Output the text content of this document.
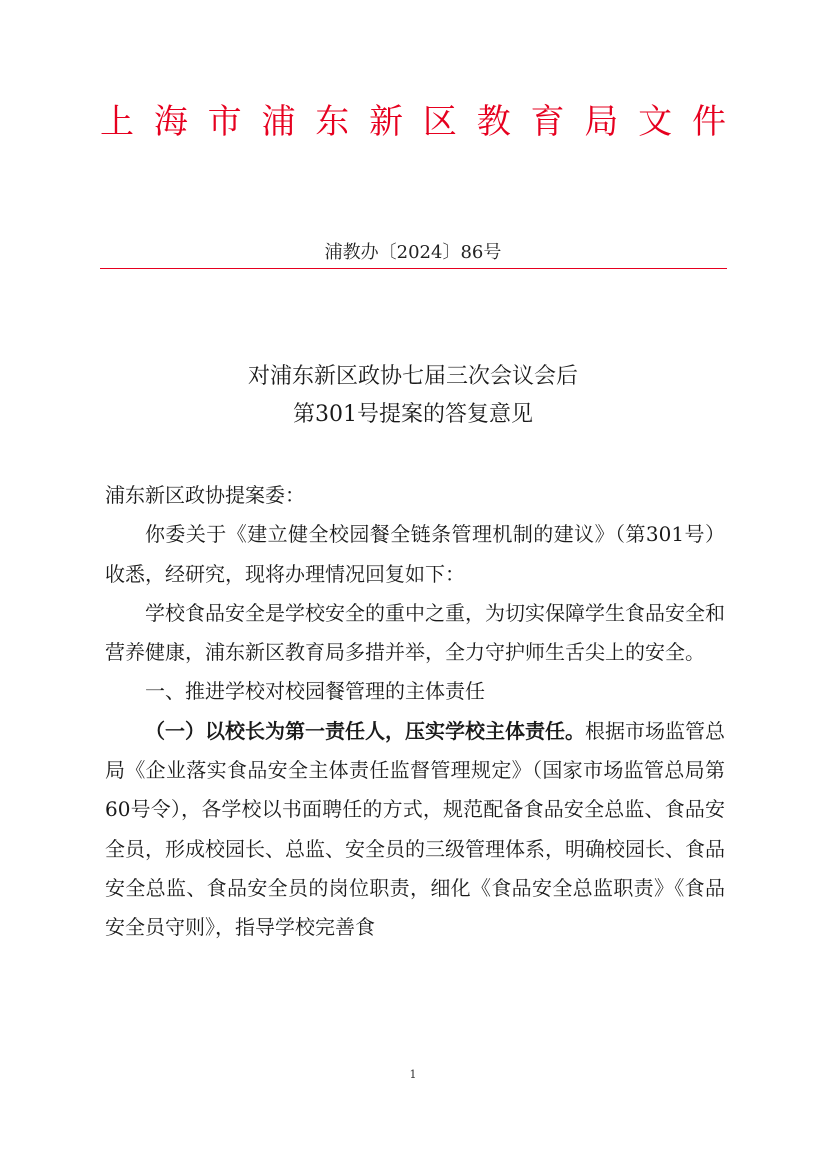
上海市浦东新区教育局文件
浦教办〔2024〕86号
对浦东新区政协七届三次会议会后
第301号提案的答复意见

浦东新区政协提案委：

你委关于《建立健全校园餐全链条管理机制的建议》（第301号）收悉，经研究，现将办理情况回复如下：

学校食品安全是学校安全的重中之重，为切实保障学生食品安全和营养健康，浦东新区教育局多措并举，全力守护师生舌尖上的安全。

一、推进学校对校园餐管理的主体责任

（一）以校长为第一责任人，压实学校主体责任。根据市场监管总局《企业落实食品安全主体责任监督管理规定》（国家市场监管总局第60号令），各学校以书面聘任的方式，规范配备食品安全总监、食品安全员，形成校园长、总监、安全员的三级管理体系，明确校园长、食品安全总监、食品安全员的岗位职责，细化《食品安全总监职责》《食品安全员守则》，指导学校完善食

1
